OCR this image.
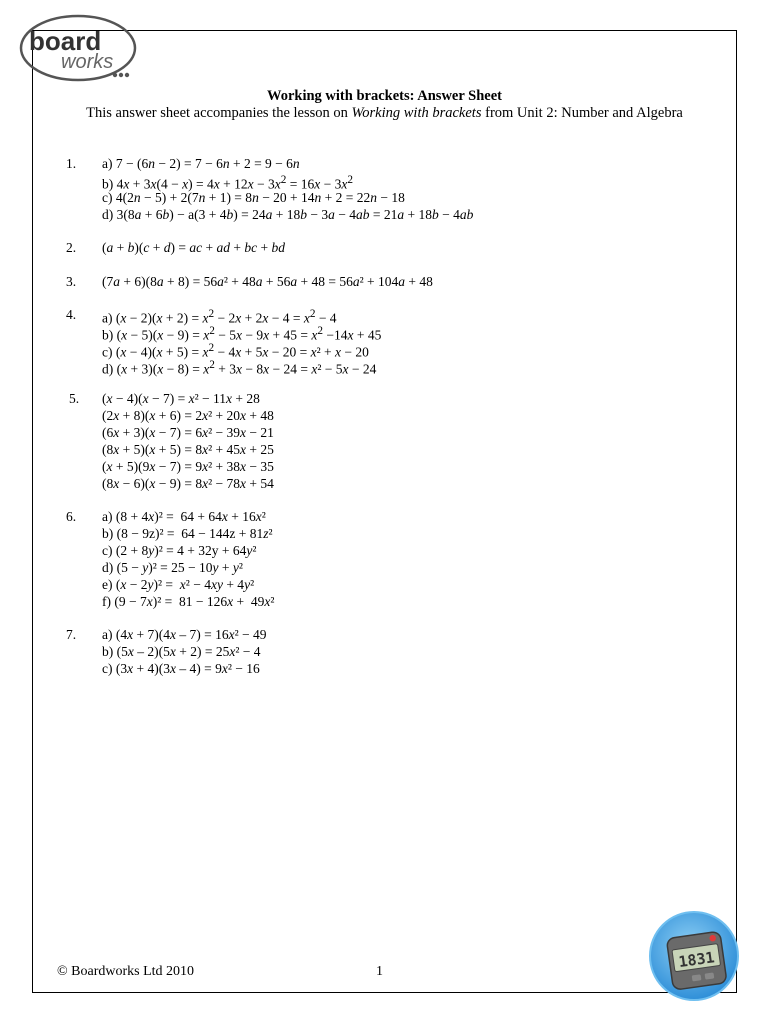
board
works
Working with brackets: Answer Sheet
This answer sheet accompanies the lesson on Working with brackets from Unit 2: Number and Algebra
1. a) 7 − (6n − 2) = 7 − 6n + 2 = 9 − 6n
b) $4x + 3x(4 - x) = 4x + 12x - 3x^2 = 16x - 3x^2$
c) 4(2n − 5) + 2(7n + 1) = 8n − 20 + 14n + 2 = 22n − 18
d) 3(8a + 6b) − a(3 + 4b) = 24a + 18b − 3a − 4ab = 21a + 18b − 4ab
2. (a + b)(c + d) = ac + ad + bc + bd
3. (7a + 6)(8a + 8) = 56a² + 48a + 56a + 48 = 56a² + 104a + 48
4. a) $(x - 2)(x + 2) = x^2 - 2x + 2x - 4 = x^2 - 4$
b) $(x - 5)(x - 9) = x^2 - 5x - 9x + 45 = x^2 -14x + 45$
c) $(x - 4)(x + 5) = x^2 - 4x + 5x - 20 = x^2 + x - 20$
d) $(x + 3)(x - 8) = x^2 + 3x - 8x - 24 = x^2 - 5x - 24$
5. (x − 4)(x − 7) = x² − 11x + 28
(2x + 8)(x + 6) = 2x² + 20x + 48
(6x + 3)(x − 7) = 6x² − 39x − 21
(8x + 5)(x + 5) = 8x² + 45x + 25
(x + 5)(9x − 7) = 9x² + 38x − 35
(8x − 6)(x − 9) = 8x² − 78x + 54
6. a) (8 + 4x)² =  64 + 64x + 16x²
b) (8 − 9z)² =  64 − 144z + 81z²
c) (2 + 8y)² = 4 + 32y + 64y²
d) (5 − y)² = 25 − 10y + y²
e) (x − 2y)² =  x² − 4xy + 4y²
f) (9 − 7x)² =  81 − 126x +  49x²
7. a) (4x + 7)(4x – 7) = 16x² − 49
b) (5x – 2)(5x + 2) = 25x² − 4
c) (3x + 4)(3x – 4) = 9x² − 16
© Boardworks Ltd 2010	1
1831
